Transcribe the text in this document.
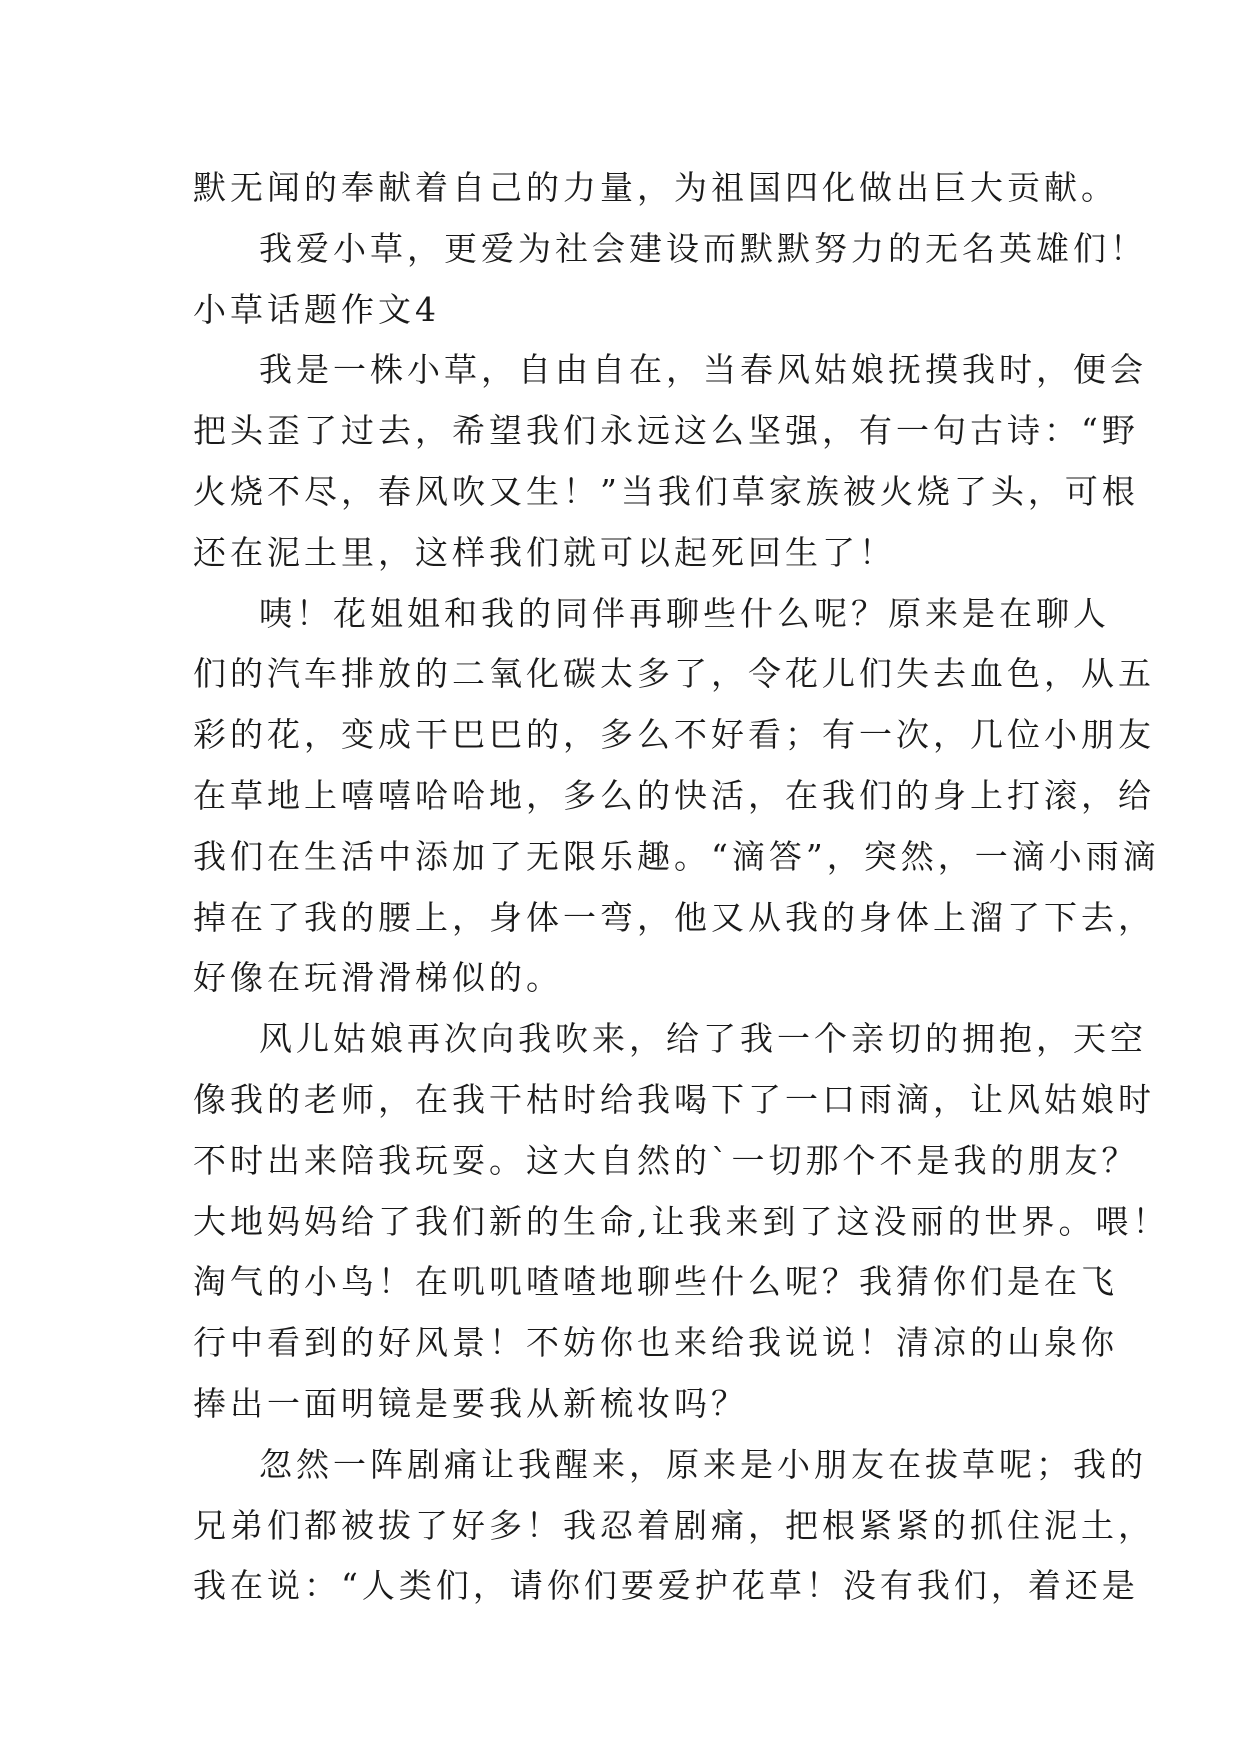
默无闻的奉献着自己的力量，为祖国四化做出巨大贡献。
我爱小草，更爱为社会建设而默默努力的无名英雄们！
小草话题作文4
我是一株小草，自由自在，当春风姑娘抚摸我时，便会
把头歪了过去，希望我们永远这么坚强，有一句古诗：“野
火烧不尽，春风吹又生！”当我们草家族被火烧了头，可根
还在泥土里，这样我们就可以起死回生了！
咦！花姐姐和我的同伴再聊些什么呢？原来是在聊人
们的汽车排放的二氧化碳太多了，令花儿们失去血色，从五
彩的花，变成干巴巴的，多么不好看；有一次，几位小朋友
在草地上嘻嘻哈哈地，多么的快活，在我们的身上打滚，给
我们在生活中添加了无限乐趣。“滴答”，突然，一滴小雨滴
掉在了我的腰上，身体一弯，他又从我的身体上溜了下去，
好像在玩滑滑梯似的。
风儿姑娘再次向我吹来，给了我一个亲切的拥抱，天空
像我的老师，在我干枯时给我喝下了一口雨滴，让风姑娘时
不时出来陪我玩耍。这大自然的`一切那个不是我的朋友？
大地妈妈给了我们新的生命,让我来到了这没丽的世界。喂！
淘气的小鸟！在叽叽喳喳地聊些什么呢？我猜你们是在飞
行中看到的好风景！不妨你也来给我说说！清凉的山泉你
捧出一面明镜是要我从新梳妆吗？
忽然一阵剧痛让我醒来，原来是小朋友在拔草呢；我的
兄弟们都被拔了好多！我忍着剧痛，把根紧紧的抓住泥土，
我在说：“人类们，请你们要爱护花草！没有我们，着还是
